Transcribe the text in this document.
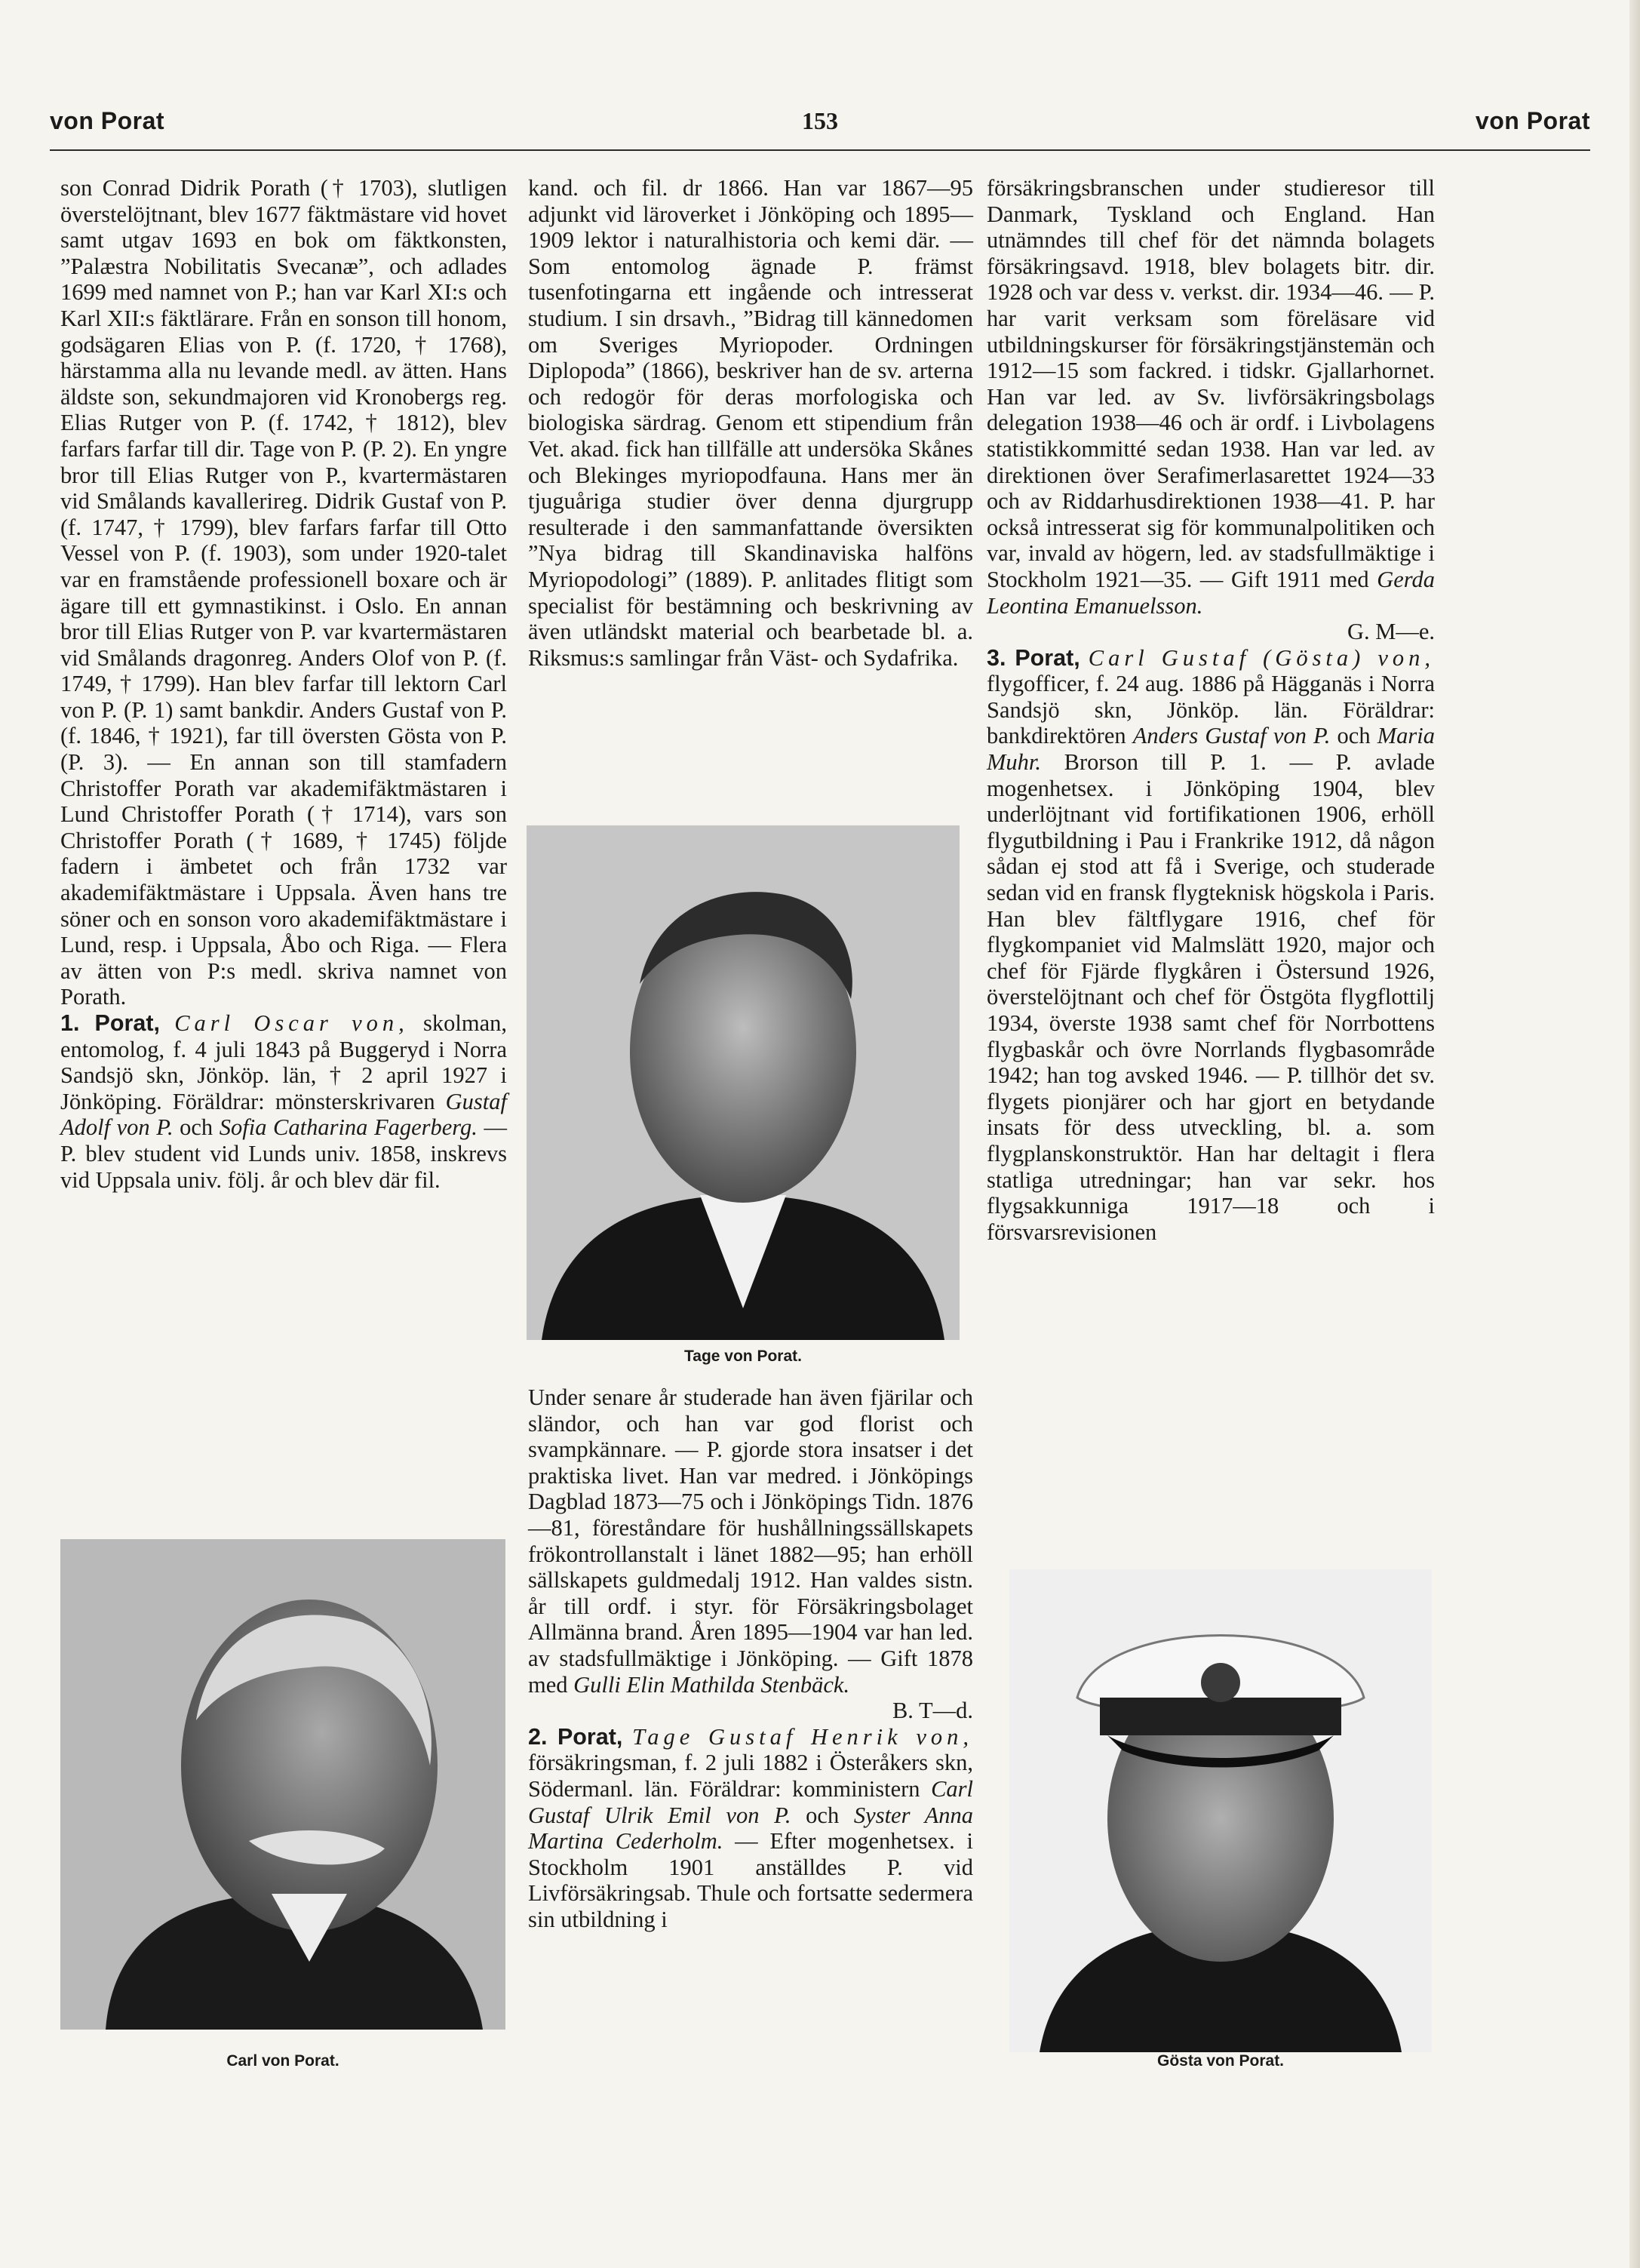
von Porat	153	von Porat

son Conrad Didrik Porath († 1703), slutligen överstelöjtnant, blev 1677 fäktmästare vid hovet samt utgav 1693 en bok om fäktkonsten, ”Palæstra Nobilitatis Svecanæ”, och adlades 1699 med namnet von P.; han var Karl XI:s och Karl XII:s fäktlärare. Från en sonson till honom, godsägaren Elias von P. (f. 1720, † 1768), härstamma alla nu levande medl. av ätten. Hans äldste son, sekundmajoren vid Kronobergs reg. Elias Rutger von P. (f. 1742, † 1812), blev farfars farfar till dir. Tage von P. (P. 2). En yngre bror till Elias Rutger von P., kvartermästaren vid Smålands kavallerireg. Didrik Gustaf von P. (f. 1747, † 1799), blev farfars farfar till Otto Vessel von P. (f. 1903), som under 1920-talet var en framstående professionell boxare och är ägare till ett gymnastikinst. i Oslo. En annan bror till Elias Rutger von P. var kvartermästaren vid Smålands dragonreg. Anders Olof von P. (f. 1749, † 1799). Han blev farfar till lektorn Carl von P. (P. 1) samt bankdir. Anders Gustaf von P. (f. 1846, † 1921), far till översten Gösta von P. (P. 3). — En annan son till stamfadern Christoffer Porath var akademifäktmästaren i Lund Christoffer Porath († 1714), vars son Christoffer Porath († 1689, † 1745) följde fadern i ämbetet och från 1732 var akademifäktmästare i Uppsala. Även hans tre söner och en sonson voro akademifäktmästare i Lund, resp. i Uppsala, Åbo och Riga. — Flera av ätten von P:s medl. skriva namnet von Porath.

1. Porat, Carl Oscar von, skolman, entomolog, f. 4 juli 1843 på Buggeryd i Norra Sandsjö skn, Jönköp. län, † 2 april 1927 i Jönköping. Föräldrar: mönsterskrivaren Gustaf Adolf von P. och Sofia Catharina Fagerberg. — P. blev student vid Lunds univ. 1858, inskrevs vid Uppsala univ. följ. år och blev där fil.

Carl von Porat.

kand. och fil. dr 1866. Han var 1867—95 adjunkt vid läroverket i Jönköping och 1895—1909 lektor i naturalhistoria och kemi där. — Som entomolog ägnade P. främst tusenfotingarna ett ingående och intresserat studium. I sin drsavh., ”Bidrag till kännedomen om Sveriges Myriopoder. Ordningen Diplopoda” (1866), beskriver han de sv. arterna och redogör för deras morfologiska och biologiska särdrag. Genom ett stipendium från Vet. akad. fick han tillfälle att undersöka Skånes och Blekinges myriopodfauna. Hans mer än tjuguåriga studier över denna djurgrupp resulterade i den sammanfattande översikten ”Nya bidrag till Skandinaviska halföns Myriopodologi” (1889). P. anlitades flitigt som specialist för bestämning och beskrivning av även utländskt material och bearbetade bl. a. Riksmus:s samlingar från Väst- och Sydafrika.

Tage von Porat.

Under senare år studerade han även fjärilar och sländor, och han var god florist och svampkännare. — P. gjorde stora insatser i det praktiska livet. Han var medred. i Jönköpings Dagblad 1873—75 och i Jönköpings Tidn. 1876—81, föreståndare för hushållningssällskapets frökontrollanstalt i länet 1882—95; han erhöll sällskapets guldmedalj 1912. Han valdes sistn. år till ordf. i styr. för Försäkringsbolaget Allmänna brand. Åren 1895—1904 var han led. av stadsfullmäktige i Jönköping. — Gift 1878 med Gulli Elin Mathilda Stenbäck.

B. T—d.

2. Porat, Tage Gustaf Henrik von, försäkringsman, f. 2 juli 1882 i Österåkers skn, Södermanl. län. Föräldrar: komministern Carl Gustaf Ulrik Emil von P. och Syster Anna Martina Cederholm. — Efter mogenhetsex. i Stockholm 1901 anställdes P. vid Livförsäkringsab. Thule och fortsatte sedermera sin utbildning i

försäkringsbranschen under studieresor till Danmark, Tyskland och England. Han utnämndes till chef för det nämnda bolagets försäkringsavd. 1918, blev bolagets bitr. dir. 1928 och var dess v. verkst. dir. 1934—46. — P. har varit verksam som föreläsare vid utbildningskurser för försäkringstjänstemän och 1912—15 som fackred. i tidskr. Gjallarhornet. Han var led. av Sv. livförsäkringsbolags delegation 1938—46 och är ordf. i Livbolagens statistikkommitté sedan 1938. Han var led. av direktionen över Serafimerlasarettet 1924—33 och av Riddarhusdirektionen 1938—41. P. har också intresserat sig för kommunalpolitiken och var, invald av högern, led. av stadsfullmäktige i Stockholm 1921—35. — Gift 1911 med Gerda Leontina Emanuelsson.

G. M—e.

3. Porat, Carl Gustaf (Gösta) von, flygofficer, f. 24 aug. 1886 på Hägganäs i Norra Sandsjö skn, Jönköp. län. Föräldrar: bankdirektören Anders Gustaf von P. och Maria Muhr. Brorson till P. 1. — P. avlade mogenhetsex. i Jönköping 1904, blev underlöjtnant vid fortifikationen 1906, erhöll flygutbildning i Pau i Frankrike 1912, då någon sådan ej stod att få i Sverige, och studerade sedan vid en fransk flygteknisk högskola i Paris. Han blev fältflygare 1916, chef för flygkompaniet vid Malmslätt 1920, major och chef för Fjärde flygkåren i Östersund 1926, överstelöjtnant och chef för Östgöta flygflottilj 1934, överste 1938 samt chef för Norrbottens flygbaskår och övre Norrlands flygbasområde 1942; han tog avsked 1946. — P. tillhör det sv. flygets pionjärer och har gjort en betydande insats för dess utveckling, bl. a. som flygplanskonstruktör. Han har deltagit i flera statliga utredningar; han var sekr. hos flygsakkunniga 1917—18 och i försvarsrevisionen

Gösta von Porat.
